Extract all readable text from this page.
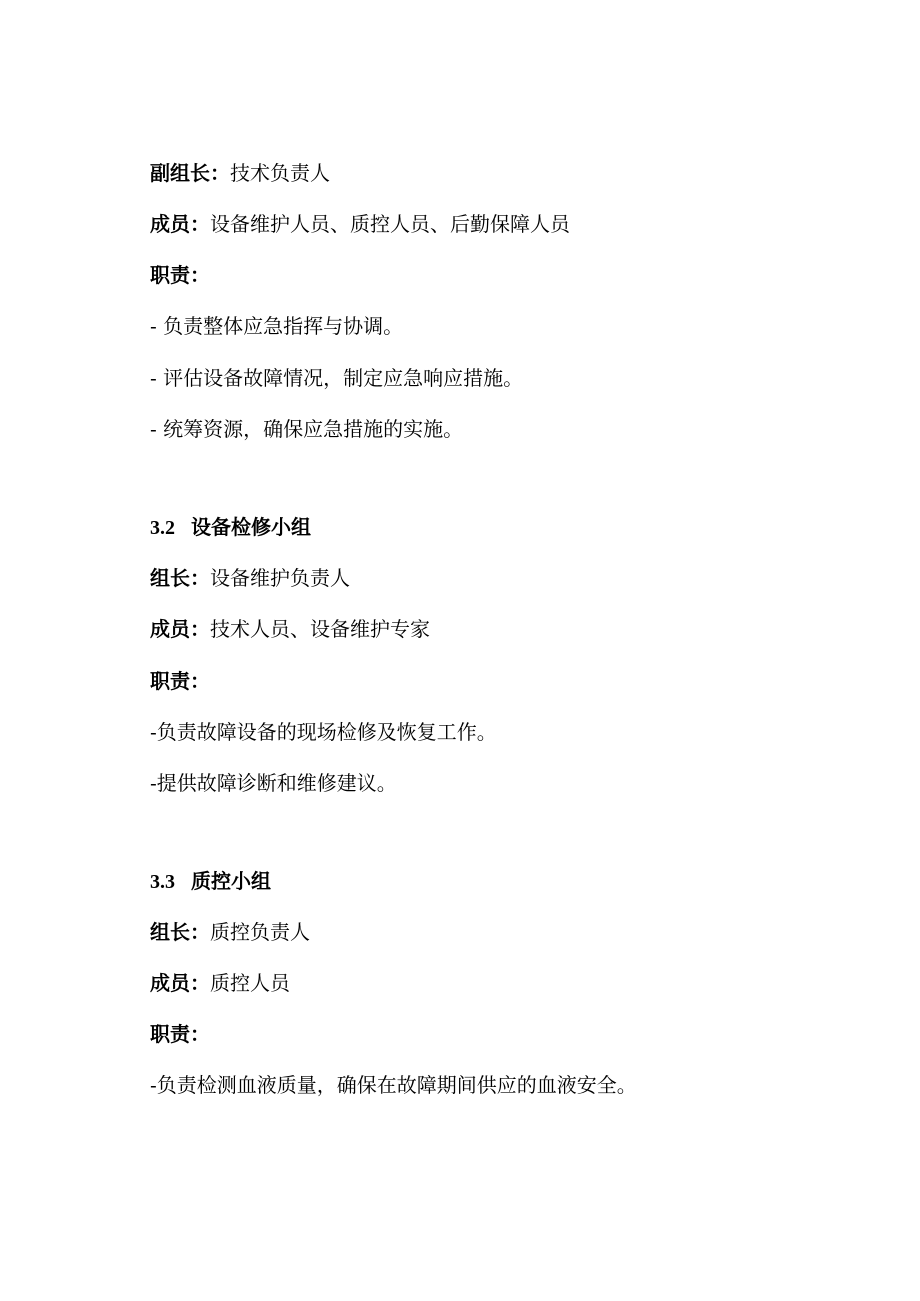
副组长：技术负责人
成员：设备维护人员、质控人员、后勤保障人员
职责：
- 负责整体应急指挥与协调。
- 评估设备故障情况，制定应急响应措施。
- 统筹资源，确保应急措施的实施。
3.2 设备检修小组
组长：设备维护负责人
成员：技术人员、设备维护专家
职责：
-负责故障设备的现场检修及恢复工作。
-提供故障诊断和维修建议。
3.3 质控小组
组长：质控负责人
成员：质控人员
职责：
-负责检测血液质量，确保在故障期间供应的血液安全。
